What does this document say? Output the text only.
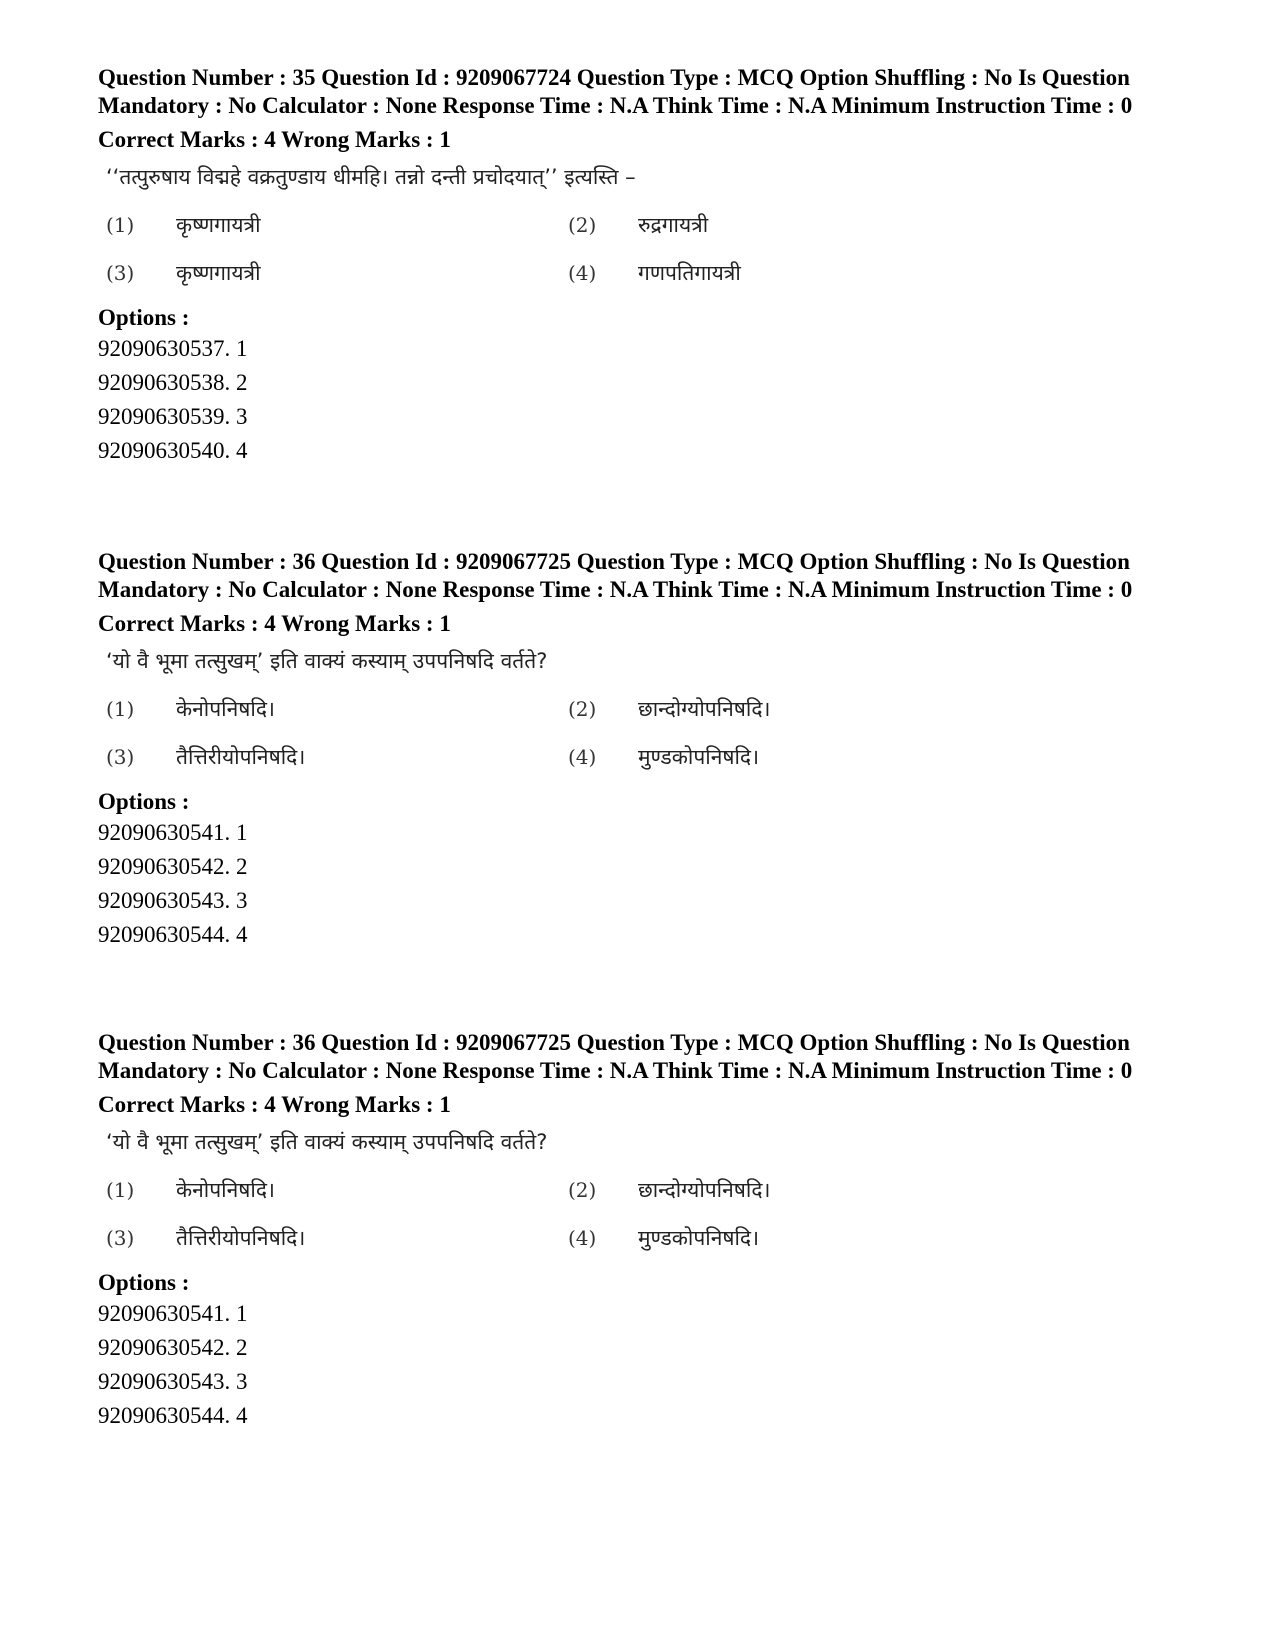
Question Number : 35 Question Id : 9209067724 Question Type : MCQ Option Shuffling : No Is Question Mandatory : No Calculator : None Response Time : N.A Think Time : N.A Minimum Instruction Time : 0

Correct Marks : 4 Wrong Marks : 1

‘‘तत्पुरुषाय विद्महे वक्रतुण्डाय धीमहि। तन्नो दन्ती प्रचोदयात्’’ इत्यस्ति –
(1)	कृष्णगायत्री	(2)	रुद्रगायत्री
(3)	कृष्णगायत्री	(4)	गणपतिगायत्री
Options :
92090630537. 1
92090630538. 2
92090630539. 3
92090630540. 4

Question Number : 36 Question Id : 9209067725 Question Type : MCQ Option Shuffling : No Is Question Mandatory : No Calculator : None Response Time : N.A Think Time : N.A Minimum Instruction Time : 0

Correct Marks : 4 Wrong Marks : 1

‘यो वै भूमा तत्सुखम्’ इति वाक्यं कस्याम् उपपनिषदि वर्तते?
(1)	केनोपनिषदि।	(2)	छान्दोग्योपनिषदि।
(3)	तैत्तिरीयोपनिषदि।	(4)	मुण्डकोपनिषदि।
Options :
92090630541. 1
92090630542. 2
92090630543. 3
92090630544. 4

Question Number : 36 Question Id : 9209067725 Question Type : MCQ Option Shuffling : No Is Question Mandatory : No Calculator : None Response Time : N.A Think Time : N.A Minimum Instruction Time : 0

Correct Marks : 4 Wrong Marks : 1

‘यो वै भूमा तत्सुखम्’ इति वाक्यं कस्याम् उपपनिषदि वर्तते?
(1)	केनोपनिषदि।	(2)	छान्दोग्योपनिषदि।
(3)	तैत्तिरीयोपनिषदि।	(4)	मुण्डकोपनिषदि।
Options :
92090630541. 1
92090630542. 2
92090630543. 3
92090630544. 4
